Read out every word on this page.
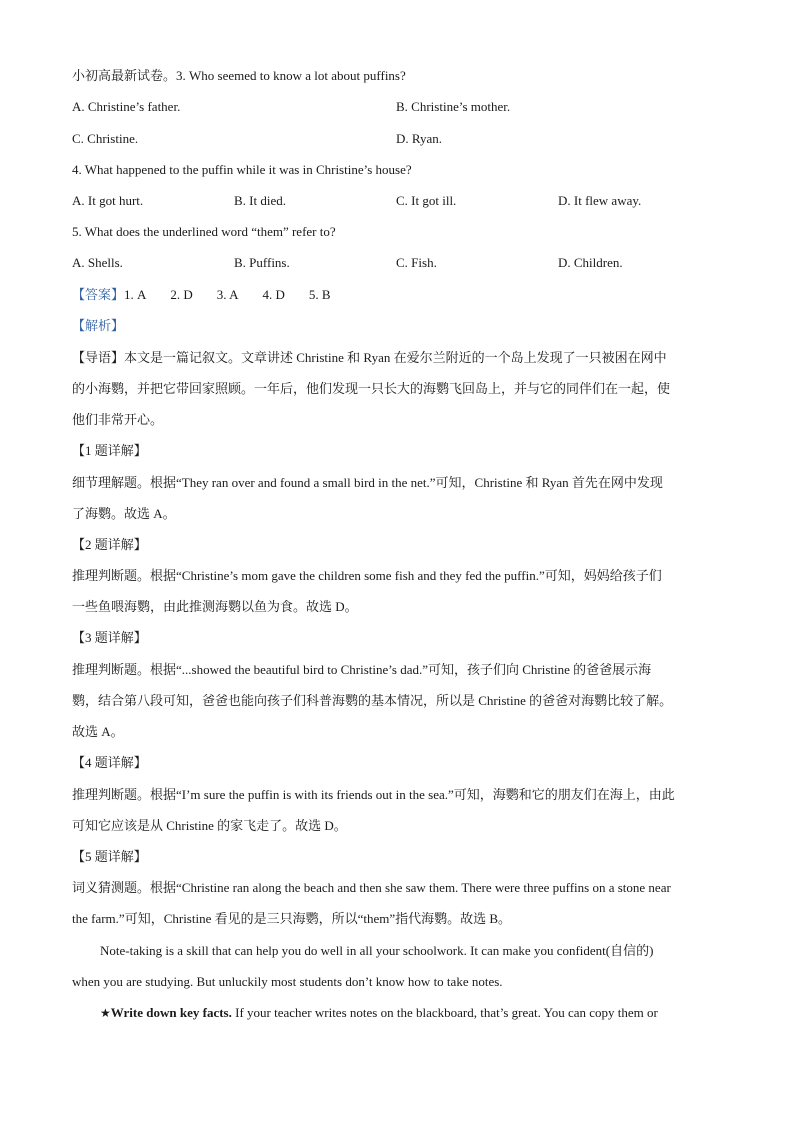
小初高最新试卷。3. Who seemed to know a lot about puffins?
A. Christine’s father.	B. Christine’s mother.
C. Christine.	D. Ryan.
4. What happened to the puffin while it was in Christine’s house?
A. It got hurt.	B. It died.	C. It got ill.	D. It flew away.
5. What does the underlined word “them” refer to?
A. Shells.	B. Puffins.	C. Fish.	D. Children.
【答案】1. A 2. D 3. A 4. D 5. B
【解析】
【导语】本文是一篇记叙文。文章讲述 Christine 和 Ryan 在爱尔兰附近的一个岛上发现了一只被困在网中
的小海鹦，并把它带回家照顾。一年后，他们发现一只长大的海鹦飞回岛上，并与它的同伴们在一起，使
他们非常开心。
【1 题详解】
细节理解题。根据“They ran over and found a small bird in the net.”可知，Christine 和 Ryan 首先在网中发现
了海鹦。故选 A。
【2 题详解】
推理判断题。根据“Christine’s mom gave the children some fish and they fed the puffin.”可知，妈妈给孩子们
一些鱼喂海鹦，由此推测海鹦以鱼为食。故选 D。
【3 题详解】
推理判断题。根据“...showed the beautiful bird to Christine’s dad.”可知，孩子们向 Christine 的爸爸展示海
鹦，结合第八段可知，爸爸也能向孩子们科普海鹦的基本情况，所以是 Christine 的爸爸对海鹦比较了解。
故选 A。
【4 题详解】
推理判断题。根据“I’m sure the puffin is with its friends out in the sea.”可知，海鹦和它的朋友们在海上，由此
可知它应该是从 Christine 的家飞走了。故选 D。
【5 题详解】
词义猜测题。根据“Christine ran along the beach and then she saw them. There were three puffins on a stone near
the farm.”可知，Christine 看见的是三只海鹦，所以“them”指代海鹦。故选 B。
Note-taking is a skill that can help you do well in all your schoolwork. It can make you confident(自信的)
when you are studying. But unluckily most students don’t know how to take notes.
★Write down key facts. If your teacher writes notes on the blackboard, that’s great. You can copy them or
